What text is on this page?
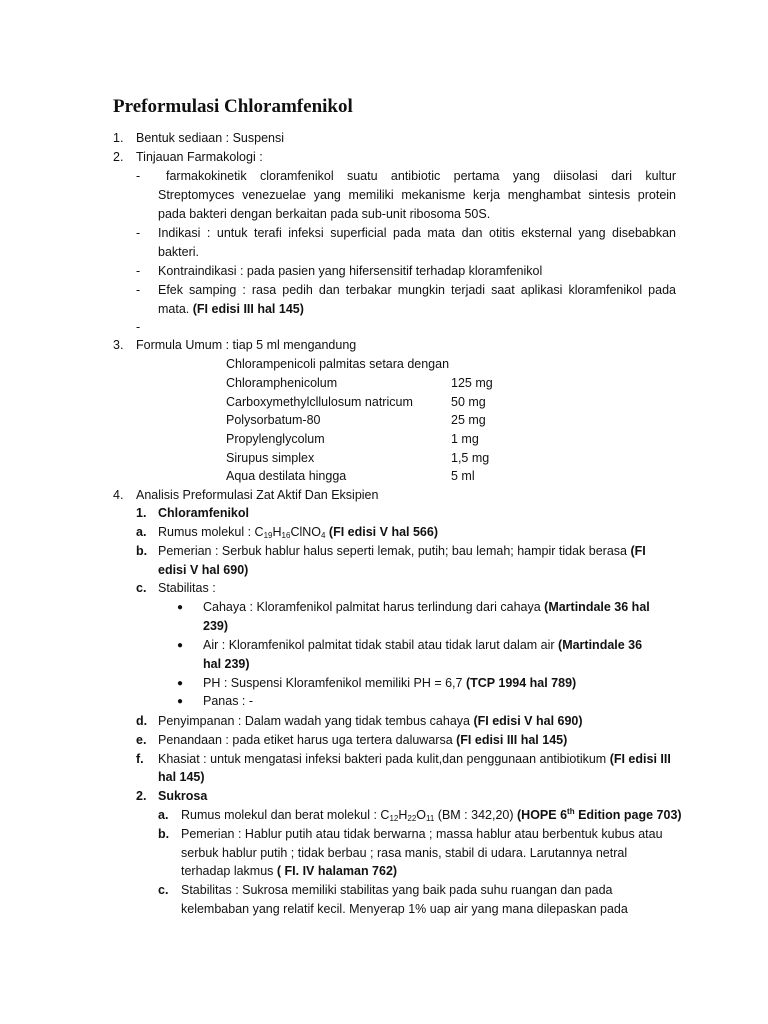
Preformulasi Chloramfenikol
1. Bentuk sediaan : Suspensi
2. Tinjauan Farmakologi :
-	farmakokinetik cloramfenikol suatu antibiotic pertama yang diisolasi dari kultur
Streptomyces venezuelae yang memiliki mekanisme kerja menghambat sintesis protein
pada bakteri dengan berkaitan pada sub-unit ribosoma 50S.
- Indikasi : untuk terafi infeksi superficial pada mata dan otitis eksternal yang disebabkan
bakteri.
- Kontraindikasi : pada pasien yang hifersensitif terhadap kloramfenikol
- Efek samping : rasa pedih dan terbakar mungkin terjadi saat aplikasi kloramfenikol pada
mata. (FI edisi III hal 145)
-
3. Formula Umum : tiap 5 ml mengandung
Chlorampenicoli palmitas setara dengan
Chloramphenicolum	125 mg
Carboxymethylcllulosum natricum	50 mg
Polysorbatum-80	25 mg
Propylenglycolum	1 mg
Sirupus simplex	1,5 mg
Aqua destilata hingga	5 ml
4. Analisis Preformulasi Zat Aktif Dan Eksipien
1. Chloramfenikol
a. Rumus molekul : $C_{19}H_{16}ClNO_4$ (FI edisi V hal 566)
b. Pemerian : Serbuk hablur halus seperti lemak, putih; bau lemah; hampir tidak berasa (FI
edisi V hal 690)
c. Stabilitas :
● Cahaya : Kloramfenikol palmitat harus terlindung dari cahaya (Martindale 36 hal
239)
● Air : Kloramfenikol palmitat tidak stabil atau tidak larut dalam air (Martindale 36
hal 239)
● PH : Suspensi Kloramfenikol memiliki PH = 6,7 (TCP 1994 hal 789)
● Panas : -
d. Penyimpanan : Dalam wadah yang tidak tembus cahaya (FI edisi V hal 690)
e. Penandaan : pada etiket harus uga tertera daluwarsa (FI edisi III hal 145)
f. Khasiat : untuk mengatasi infeksi bakteri pada kulit,dan penggunaan antibiotikum (FI edisi III
hal 145)
2. Sukrosa
a. Rumus molekul dan berat molekul : $C_{12}H_{22}O_{11}$ (BM : 342,20) (HOPE 6th Edition page 703)
b. Pemerian : Hablur putih atau tidak berwarna ; massa hablur atau berbentuk kubus atau
serbuk hablur putih ; tidak berbau ; rasa manis, stabil di udara. Larutannya netral
terhadap lakmus ( FI. IV halaman 762)
c. Stabilitas : Sukrosa memiliki stabilitas yang baik pada suhu ruangan dan pada
kelembaban yang relatif kecil. Menyerap 1% uap air yang mana dilepaskan pada
